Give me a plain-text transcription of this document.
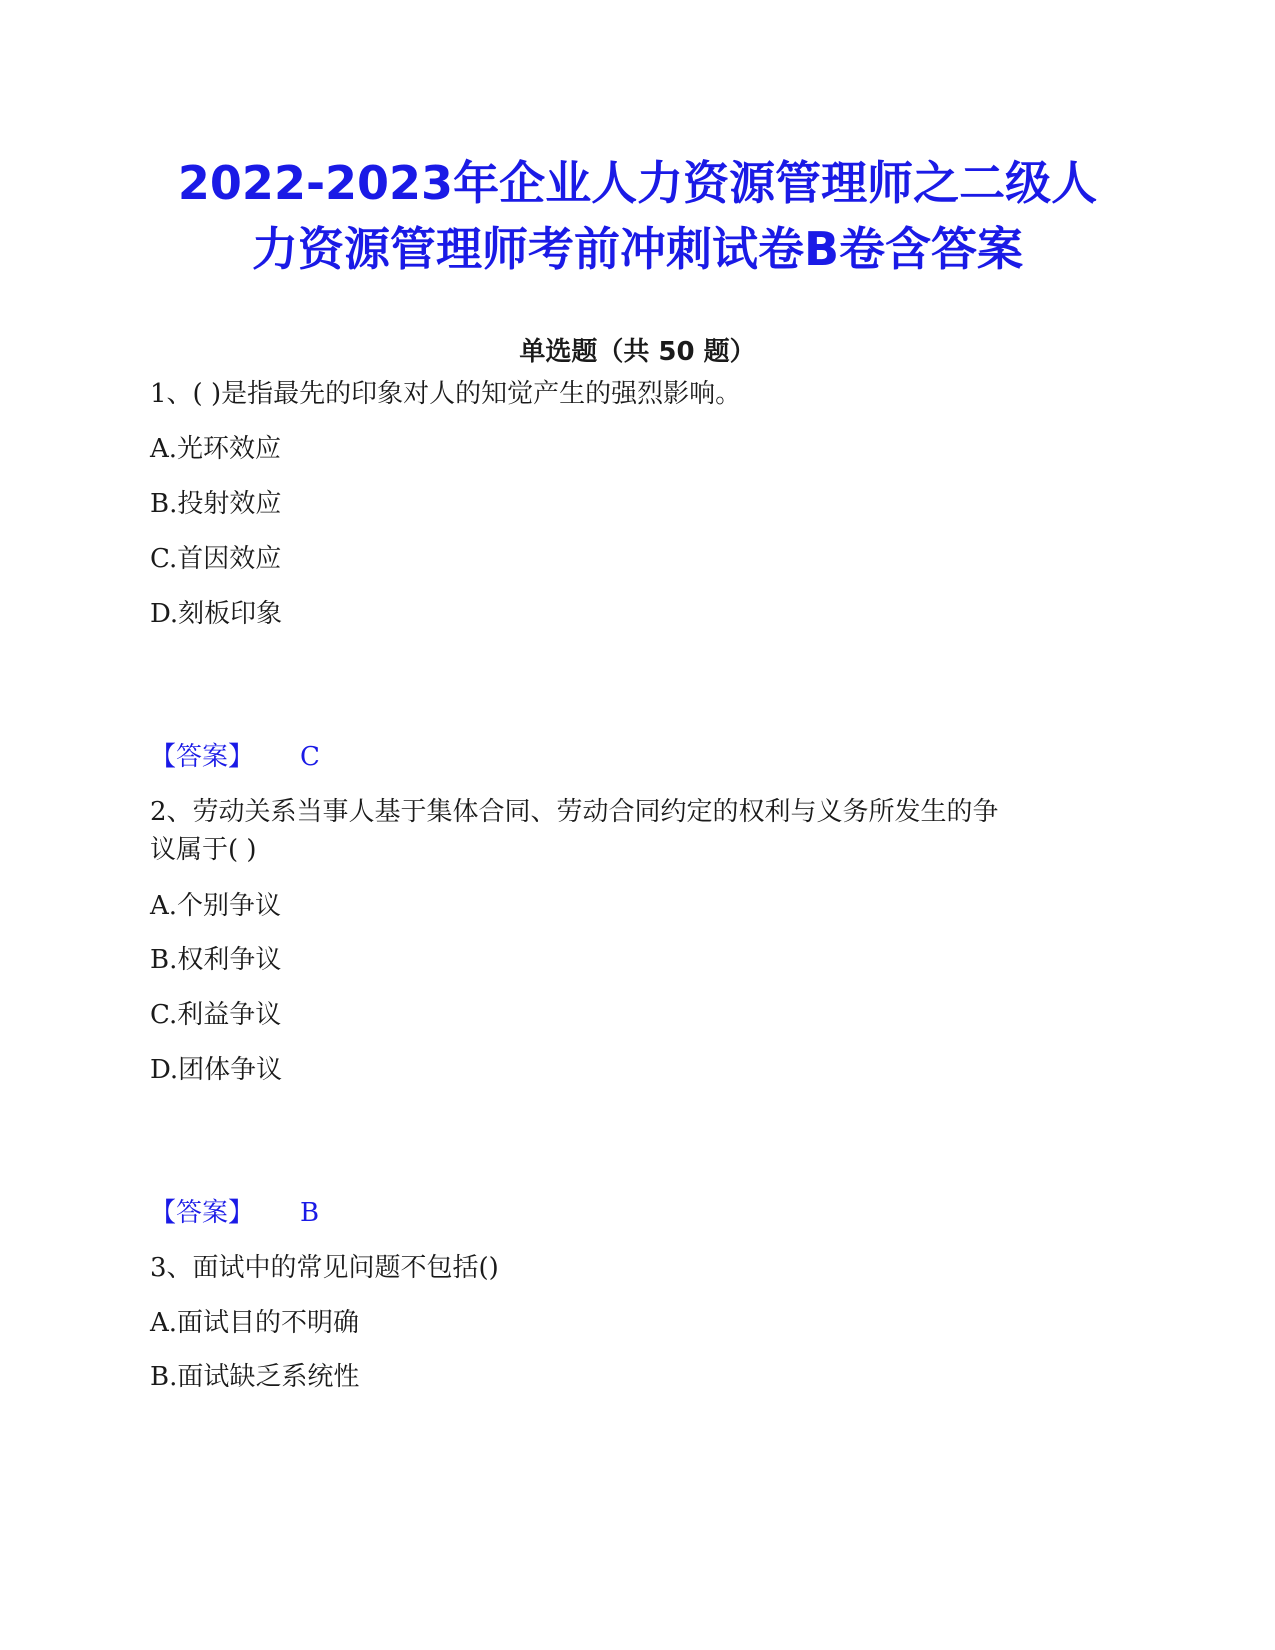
2022-2023年企业人力资源管理师之二级人
力资源管理师考前冲刺试卷B卷含答案
单选题（共 50 题）
1、( )是指最先的印象对人的知觉产生的强烈影响。
A.光环效应
B.投射效应
C.首因效应
D.刻板印象
【答案】 C
2、劳动关系当事人基于集体合同、劳动合同约定的权利与义务所发生的争
议属于( )
A.个别争议
B.权利争议
C.利益争议
D.团体争议
【答案】 B
3、面试中的常见问题不包括()
A.面试目的不明确
B.面试缺乏系统性
